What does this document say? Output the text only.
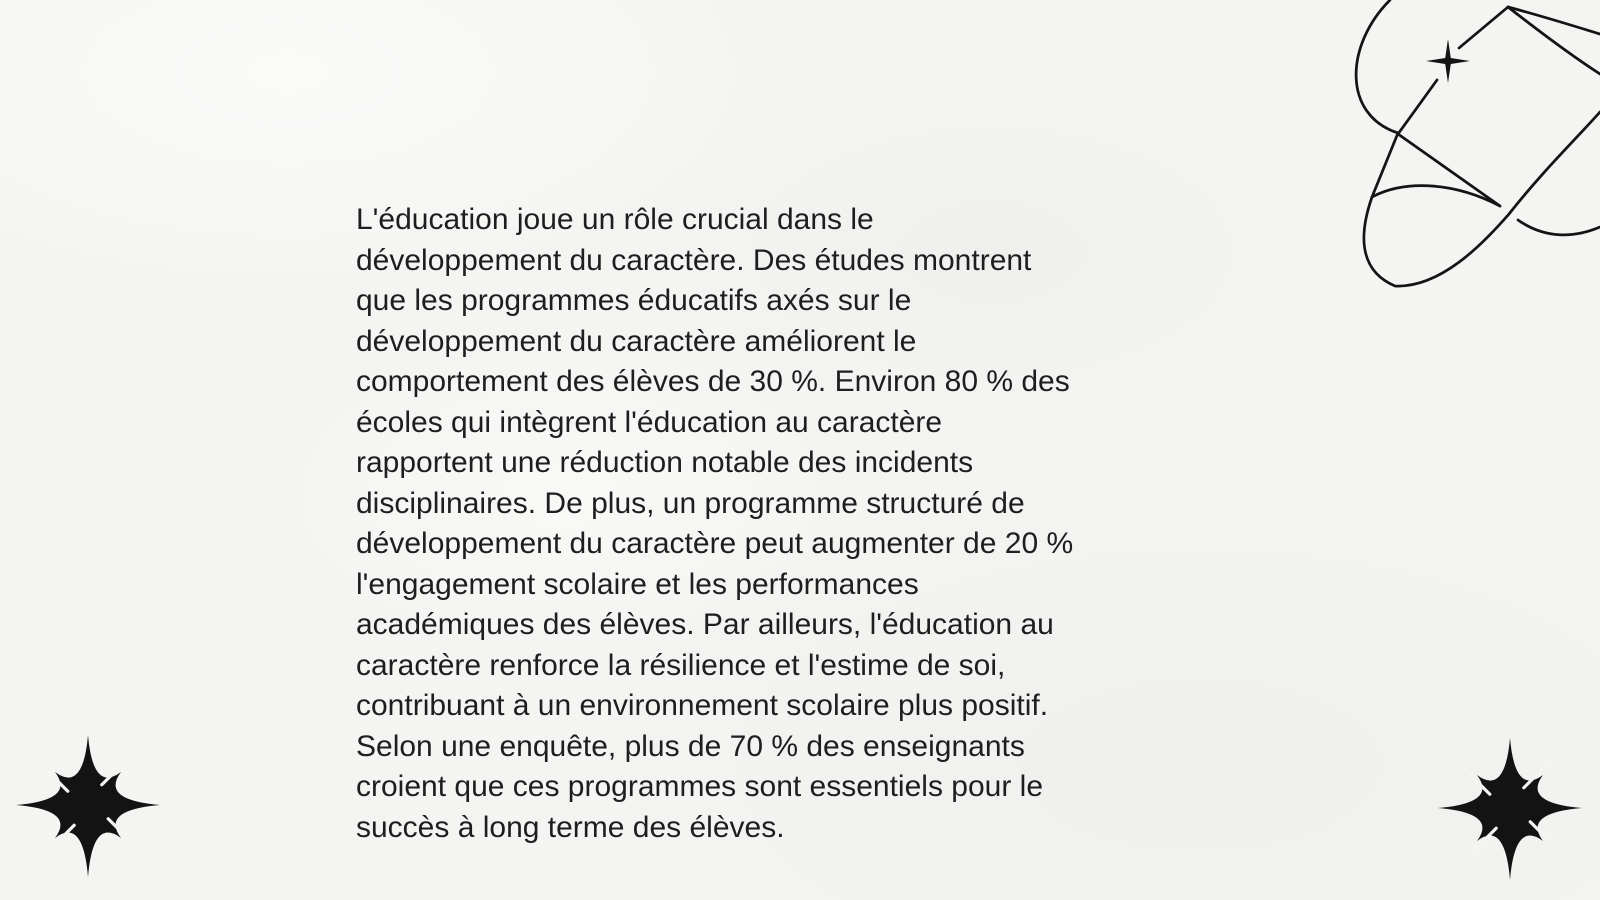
L'éducation joue un rôle crucial dans le
développement du caractère. Des études montrent
que les programmes éducatifs axés sur le
développement du caractère améliorent le
comportement des élèves de 30 %. Environ 80 % des
écoles qui intègrent l'éducation au caractère
rapportent une réduction notable des incidents
disciplinaires. De plus, un programme structuré de
développement du caractère peut augmenter de 20 %
l'engagement scolaire et les performances
académiques des élèves. Par ailleurs, l'éducation au
caractère renforce la résilience et l'estime de soi,
contribuant à un environnement scolaire plus positif.
Selon une enquête, plus de 70 % des enseignants
croient que ces programmes sont essentiels pour le
succès à long terme des élèves.
